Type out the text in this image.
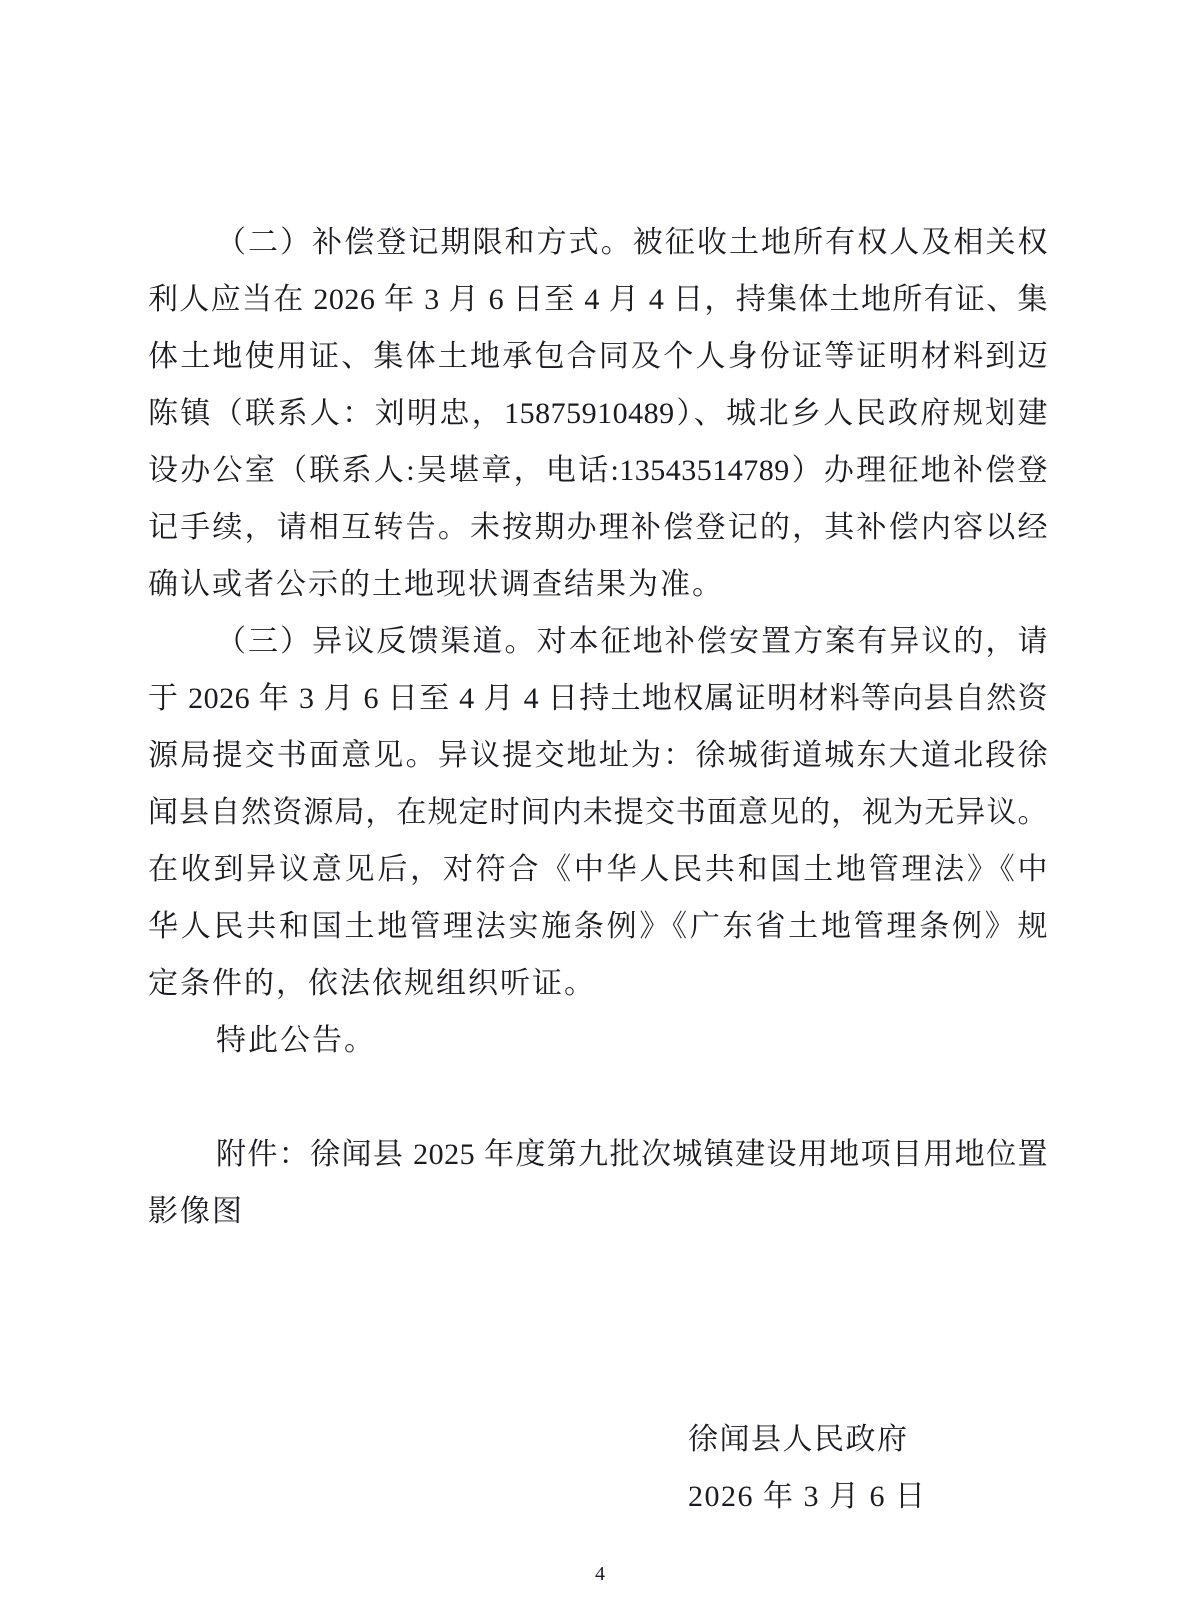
（二）补偿登记期限和方式。被征收土地所有权人及相关权
利人应当在 2026 年 3 月 6 日至 4 月 4 日，持集体土地所有证、集
体土地使用证、集体土地承包合同及个人身份证等证明材料到迈
陈镇（联系人：刘明忠，15875910489）、城北乡人民政府规划建
设办公室（联系人:吴堪章，电话:13543514789）办理征地补偿登
记手续，请相互转告。未按期办理补偿登记的，其补偿内容以经
确认或者公示的土地现状调查结果为准。
（三）异议反馈渠道。对本征地补偿安置方案有异议的，请
于 2026 年 3 月 6 日至 4 月 4 日持土地权属证明材料等向县自然资
源局提交书面意见。异议提交地址为：徐城街道城东大道北段徐
闻县自然资源局，在规定时间内未提交书面意见的，视为无异议。
在收到异议意见后，对符合《中华人民共和国土地管理法》《中
华人民共和国土地管理法实施条例》《广东省土地管理条例》规
定条件的，依法依规组织听证。
特此公告。
附件：徐闻县 2025 年度第九批次城镇建设用地项目用地位置
影像图
徐闻县人民政府
2026 年 3 月 6 日
4
